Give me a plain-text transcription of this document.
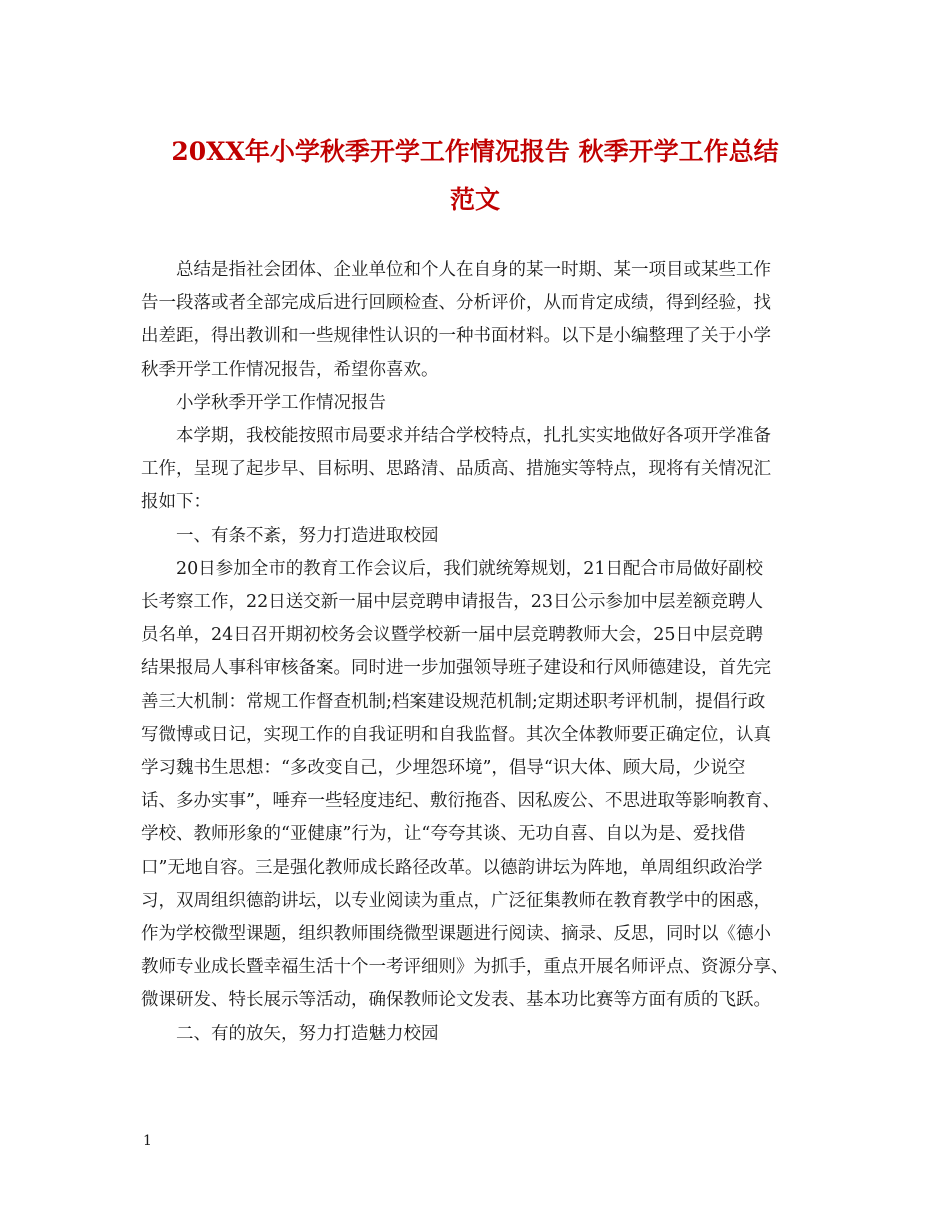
20XX年小学秋季开学工作情况报告 秋季开学工作总结
范文
总结是指社会团体、企业单位和个人在自身的某一时期、某一项目或某些工作
告一段落或者全部完成后进行回顾检查、分析评价，从而肯定成绩，得到经验，找
出差距，得出教训和一些规律性认识的一种书面材料。以下是小编整理了关于小学
秋季开学工作情况报告，希望你喜欢。
小学秋季开学工作情况报告
本学期，我校能按照市局要求并结合学校特点，扎扎实实地做好各项开学准备
工作，呈现了起步早、目标明、思路清、品质高、措施实等特点，现将有关情况汇
报如下：
一、有条不紊，努力打造进取校园
20日参加全市的教育工作会议后，我们就统筹规划，21日配合市局做好副校
长考察工作，22日送交新一届中层竞聘申请报告，23日公示参加中层差额竞聘人
员名单，24日召开期初校务会议暨学校新一届中层竞聘教师大会，25日中层竞聘
结果报局人事科审核备案。同时进一步加强领导班子建设和行风师德建设，首先完
善三大机制：常规工作督查机制;档案建设规范机制;定期述职考评机制，提倡行政
写微博或日记，实现工作的自我证明和自我监督。其次全体教师要正确定位，认真
学习魏书生思想：“多改变自己，少埋怨环境”，倡导“识大体、顾大局，少说空
话、多办实事”，唾弃一些轻度违纪、敷衍拖沓、因私废公、不思进取等影响教育、
学校、教师形象的“亚健康”行为，让“夸夸其谈、无功自喜、自以为是、爱找借
口”无地自容。三是强化教师成长路径改革。以德韵讲坛为阵地，单周组织政治学
习，双周组织德韵讲坛，以专业阅读为重点，广泛征集教师在教育教学中的困惑，
作为学校微型课题，组织教师围绕微型课题进行阅读、摘录、反思，同时以《德小
教师专业成长暨幸福生活十个一考评细则》为抓手，重点开展名师评点、资源分享、
微课研发、特长展示等活动，确保教师论文发表、基本功比赛等方面有质的飞跃。
二、有的放矢，努力打造魅力校园
1
